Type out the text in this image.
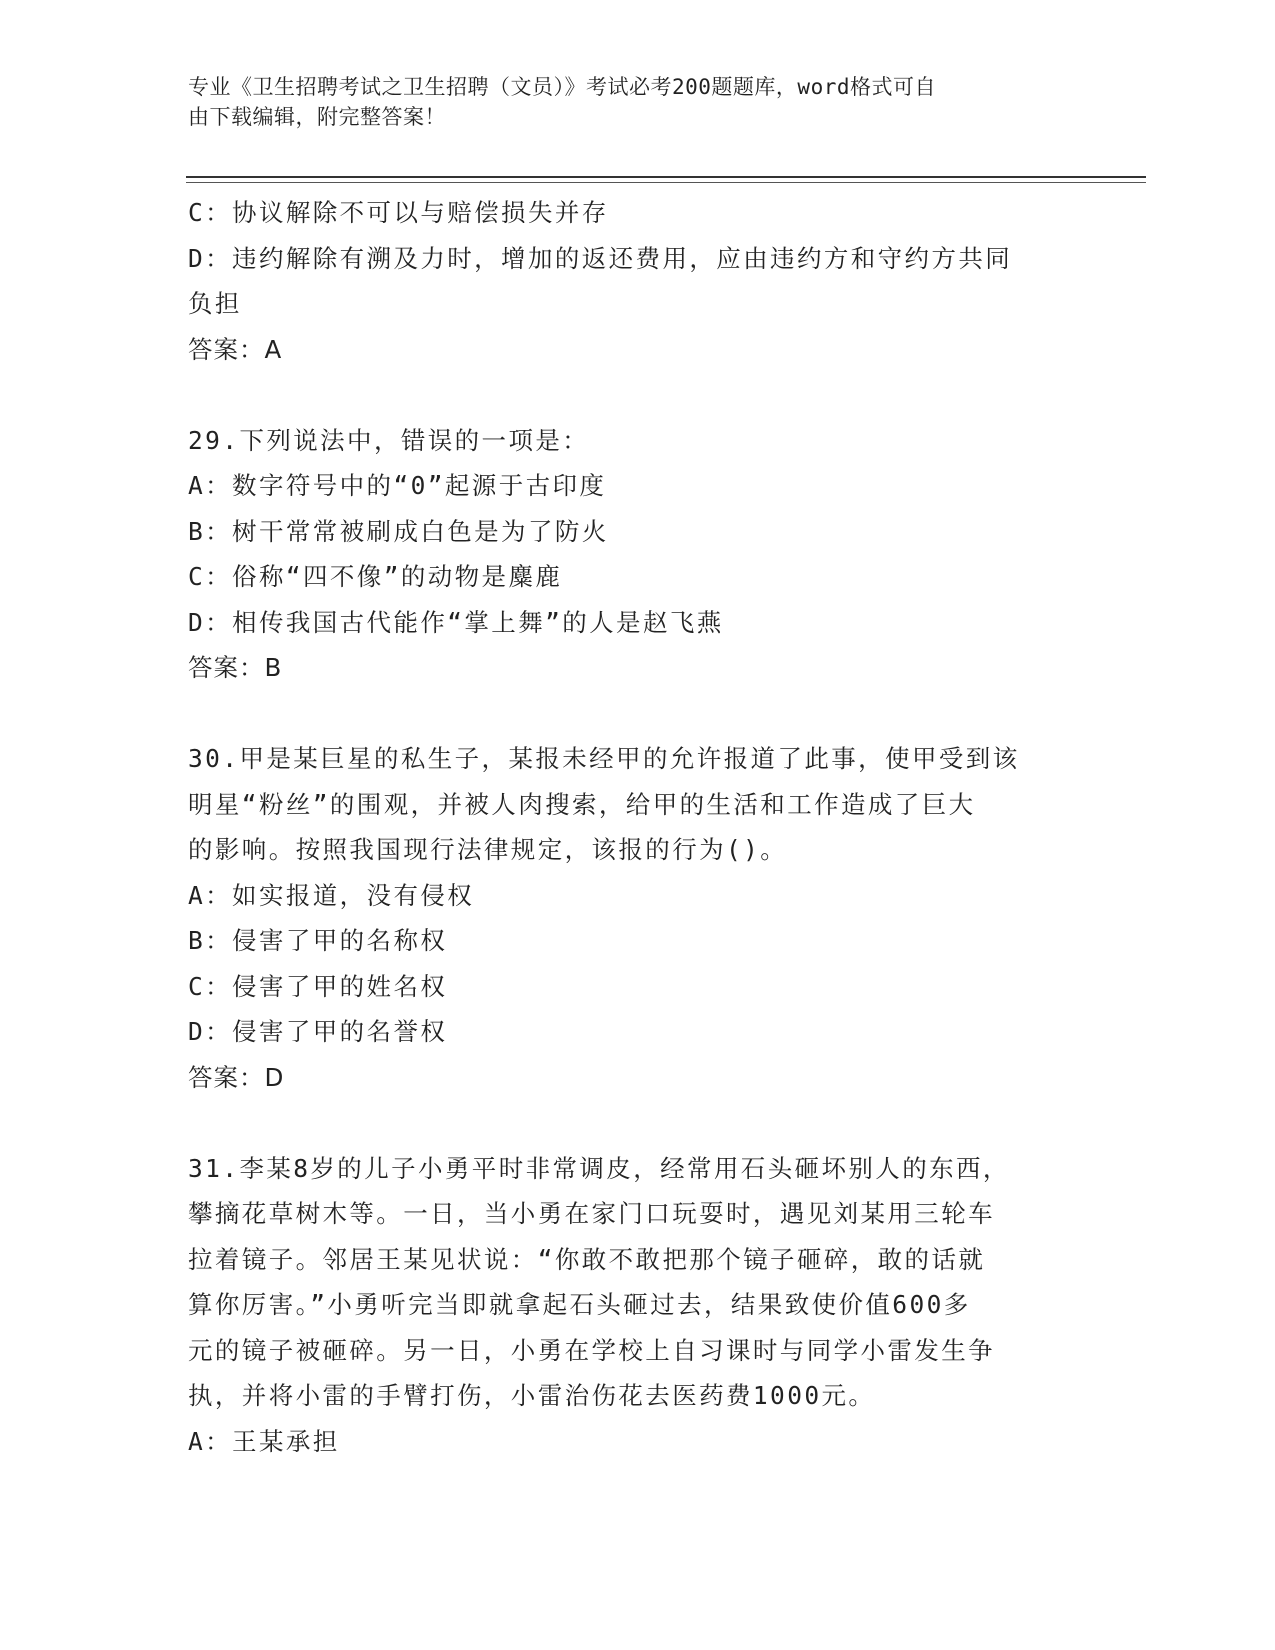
专业《卫生招聘考试之卫生招聘（文员）》考试必考200题题库，word格式可自
由下载编辑，附完整答案！
C：协议解除不可以与赔偿损失并存
D：违约解除有溯及力时，增加的返还费用，应由违约方和守约方共同
负担
答案：A
29.下列说法中，错误的一项是：
A：数字符号中的“0”起源于古印度
B：树干常常被刷成白色是为了防火
C：俗称“四不像”的动物是麋鹿
D：相传我国古代能作“掌上舞”的人是赵飞燕
答案：B
30.甲是某巨星的私生子，某报未经甲的允许报道了此事，使甲受到该
明星“粉丝”的围观，并被人肉搜索，给甲的生活和工作造成了巨大
的影响。按照我国现行法律规定，该报的行为()。
A：如实报道，没有侵权
B：侵害了甲的名称权
C：侵害了甲的姓名权
D：侵害了甲的名誉权
答案：D
31.李某8岁的儿子小勇平时非常调皮，经常用石头砸坏别人的东西，
攀摘花草树木等。一日，当小勇在家门口玩耍时，遇见刘某用三轮车
拉着镜子。邻居王某见状说：“你敢不敢把那个镜子砸碎，敢的话就
算你厉害。”小勇听完当即就拿起石头砸过去，结果致使价值600多
元的镜子被砸碎。另一日，小勇在学校上自习课时与同学小雷发生争
执，并将小雷的手臂打伤，小雷治伤花去医药费1000元。
A：王某承担
